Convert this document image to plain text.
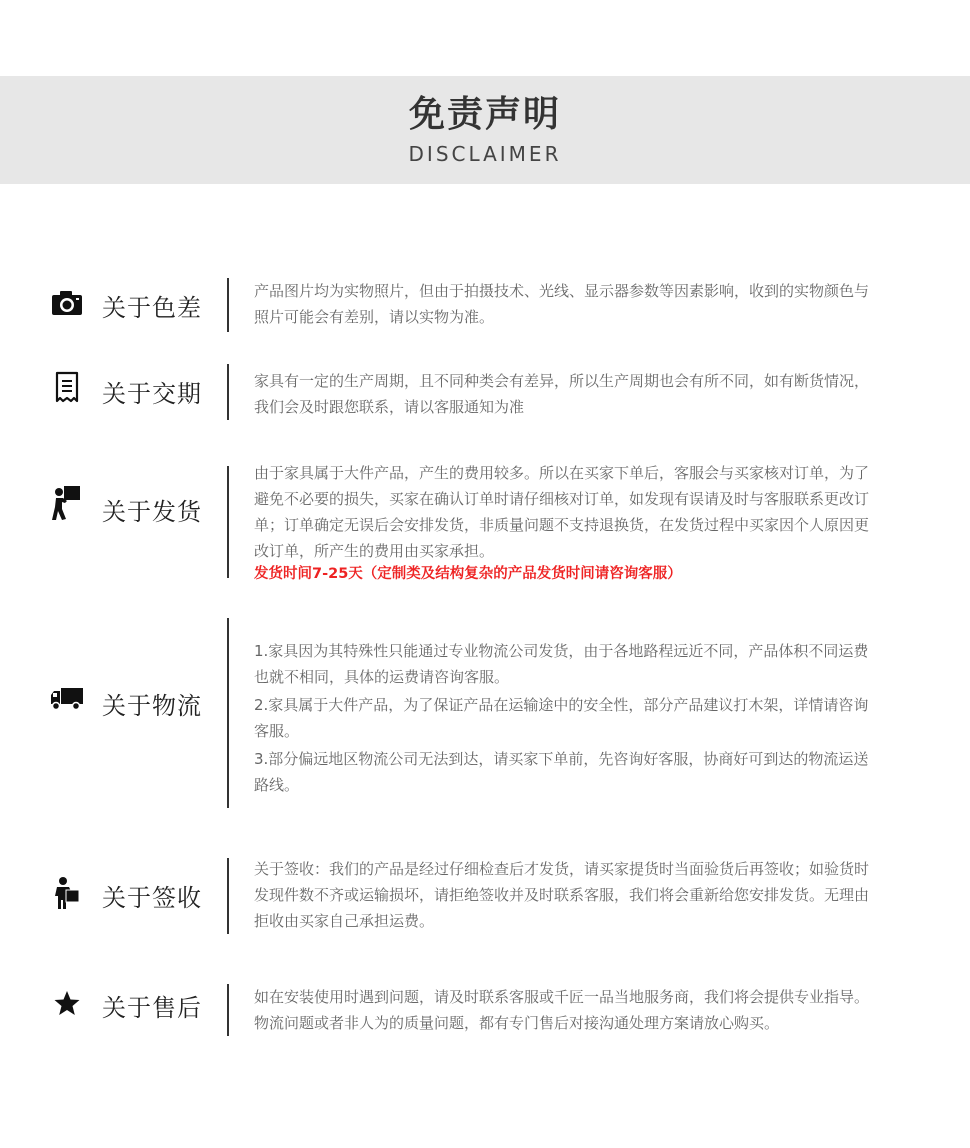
免责声明
DISCLAIMER
关于色差

产品图片均为实物照片，但由于拍摄技术、光线、显示器参数等因素影响，收到的实物颜色与照片可能会有差别，请以实物为准。

关于交期	家具有一定的生产周期，且不同种类会有差异，所以生产周期也会有所不同，如有断货情况，我们会及时跟您联系，请以客服通知为准

关于发货

由于家具属于大件产品，产生的费用较多。所以在买家下单后，客服会与买家核对订单，为了避免不必要的损失，买家在确认订单时请仔细核对订单，如发现有误请及时与客服联系更改订单；订单确定无误后会安排发货，非质量问题不支持退换货，在发货过程中买家因个人原因更改订单，所产生的费用由买家承担。

发货时间7-25天（定制类及结构复杂的产品发货时间请咨询客服）

关于物流

1.家具因为其特殊性只能通过专业物流公司发货，由于各地路程远近不同，产品体积不同运费也就不相同，具体的运费请咨询客服。

2.家具属于大件产品，为了保证产品在运输途中的安全性，部分产品建议打木架，详情请咨询客服。

3.部分偏远地区物流公司无法到达，请买家下单前，先咨询好客服，协商好可到达的物流运送路线。

关于签收

关于签收：我们的产品是经过仔细检查后才发货，请买家提货时当面验货后再签收；如验货时发现件数不齐或运输损坏，请拒绝签收并及时联系客服，我们将会重新给您安排发货。无理由拒收由买家自己承担运费。

关于售后	如在安装使用时遇到问题，请及时联系客服或千匠一品当地服务商，我们将会提供专业指导。物流问题或者非人为的质量问题，都有专门售后对接沟通处理方案请放心购买。
